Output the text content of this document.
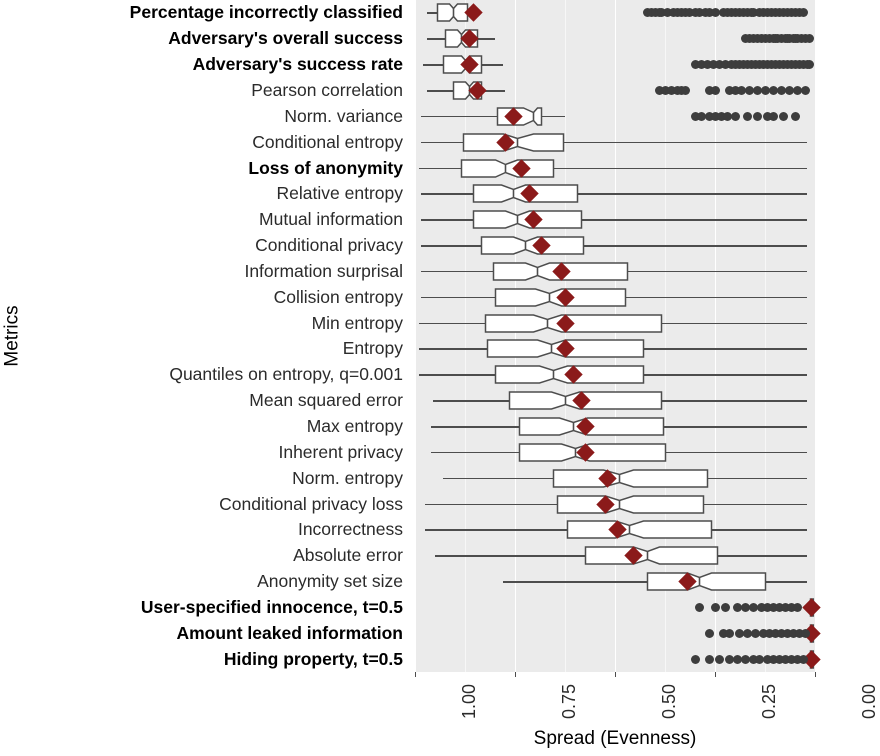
Metrics
Percentage incorrectly classified
Adversary's overall success
Adversary's success rate
Pearson correlation
Norm. variance
Conditional entropy
Loss of anonymity
Relative entropy
Mutual information
Conditional privacy
Information surprisal
Collision entropy
Min entropy
Entropy
Quantiles on entropy, q=0.001
Mean squared error
Max entropy
Inherent privacy
Norm. entropy
Conditional privacy loss
Incorrectness
Absolute error
Anonymity set size
User-specified innocence, t=0.5
Amount leaked information
Hiding property, t=0.5
1.00	0.75	0.50	0.25	0.00
Spread (Evenness)
